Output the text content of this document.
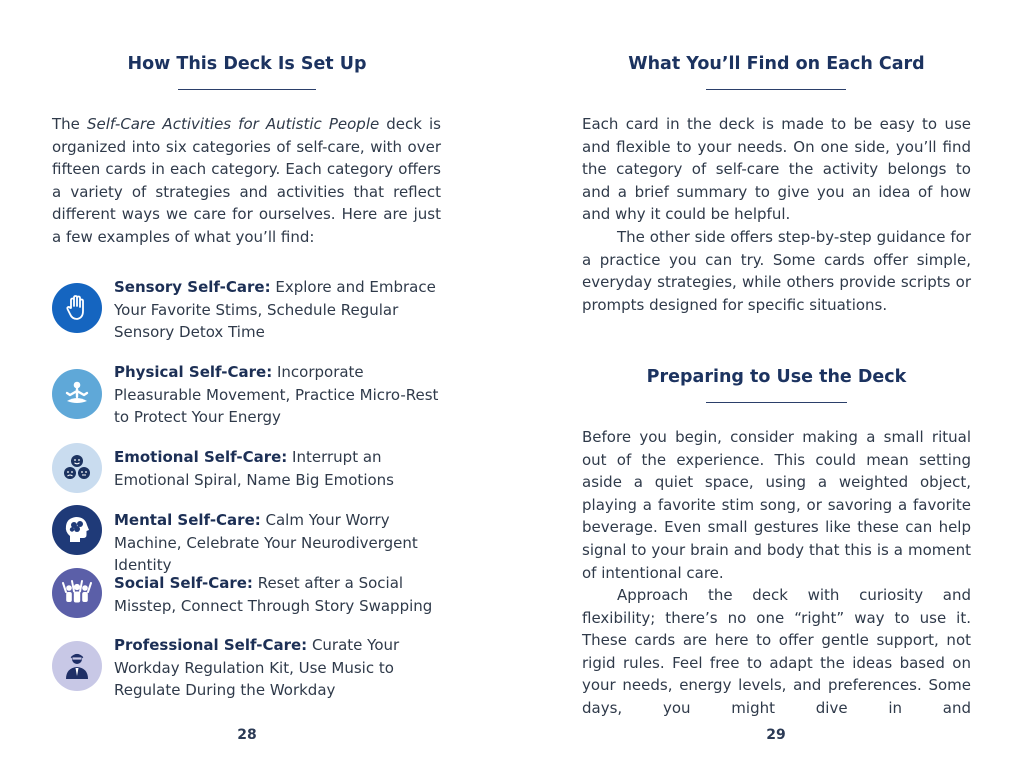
How This Deck Is Set Up

The Self-Care Activities for Autistic People deck is organized into six categories of self-care, with over fifteen cards in each category. Each category offers a variety of strategies and activities that reflect different ways we care for ourselves. Here are just a few examples of what you’ll find:

Sensory Self-Care: Explore and Embrace Your Favorite Stims, Schedule Regular Sensory Detox Time
Physical Self-Care: Incorporate Pleasurable Movement, Practice Micro-Rest to Protect Your Energy
Emotional Self-Care: Interrupt an Emotional Spiral, Name Big Emotions
Mental Self-Care: Calm Your Worry Machine, Celebrate Your Neurodivergent Identity
Social Self-Care: Reset after a Social Misstep, Connect Through Story Swapping
Professional Self-Care: Curate Your Workday Regulation Kit, Use Music to Regulate During the Workday
28
What You’ll Find on Each Card

Each card in the deck is made to be easy to use and flexible to your needs. On one side, you’ll find the category of self-care the activity belongs to and a brief summary to give you an idea of how and why it could be helpful.

The other side offers step-by-step guidance for a practice you can try. Some cards offer simple, everyday strategies, while others provide scripts or prompts designed for specific situations.

Preparing to Use the Deck

Before you begin, consider making a small ritual out of the experience. This could mean setting aside a quiet space, using a weighted object, playing a favorite stim song, or savoring a favorite beverage. Even small gestures like these can help signal to your brain and body that this is a moment of intentional care.

Approach the deck with curiosity and flexibility; there’s no one “right” way to use it. These cards are here to offer gentle support, not rigid rules. Feel free to adapt the ideas based on your needs, energy levels, and preferences. Some days, you might dive in and

29
